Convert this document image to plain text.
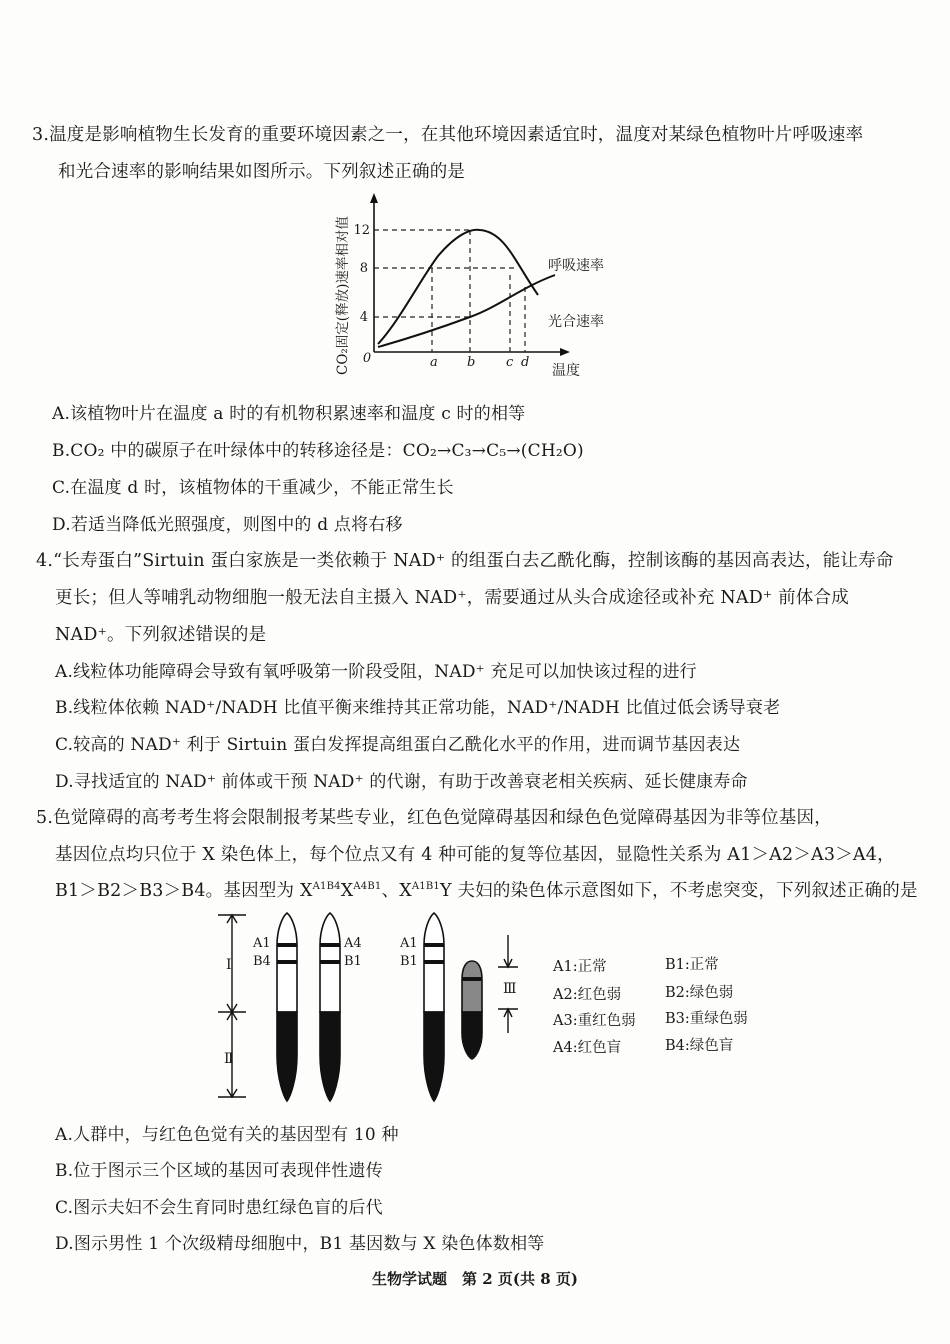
3.温度是影响植物生长发育的重要环境因素之一，在其他环境因素适宜时，温度对某绿色植物叶片呼吸速率
和光合速率的影响结果如图所示。下列叙述正确的是
CO₂固定(释放)速率相对值 0
4
8
12
a b c d
温度
呼吸速率
光合速率
A.该植物叶片在温度 a 时的有机物积累速率和温度 c 时的相等
B.CO₂ 中的碳原子在叶绿体中的转移途径是：CO₂→C₃→C₅→(CH₂O)
C.在温度 d 时，该植物体的干重减少，不能正常生长
D.若适当降低光照强度，则图中的 d 点将右移
4.“长寿蛋白”Sirtuin 蛋白家族是一类依赖于 NAD⁺ 的组蛋白去乙酰化酶，控制该酶的基因高表达，能让寿命
更长；但人等哺乳动物细胞一般无法自主摄入 NAD⁺，需要通过从头合成途径或补充 NAD⁺ 前体合成
NAD⁺。下列叙述错误的是
A.线粒体功能障碍会导致有氧呼吸第一阶段受阻，NAD⁺ 充足可以加快该过程的进行
B.线粒体依赖 NAD⁺/NADH 比值平衡来维持其正常功能，NAD⁺/NADH 比值过低会诱导衰老
C.较高的 NAD⁺ 利于 Sirtuin 蛋白发挥提高组蛋白乙酰化水平的作用，进而调节基因表达
D.寻找适宜的 NAD⁺ 前体或干预 NAD⁺ 的代谢，有助于改善衰老相关疾病、延长健康寿命
5.色觉障碍的高考考生将会限制报考某些专业，红色色觉障碍基因和绿色色觉障碍基因为非等位基因，
基因位点均只位于 X 染色体上，每个位点又有 4 种可能的复等位基因，显隐性关系为 A1＞A2＞A3＞A4，
B1＞B2＞B3＞B4。基因型为 $X^{A1B4}X^{A4B1}$、$X^{A1B1}Y$ 夫妇的染色体示意图如下，不考虑突变，下列叙述正确的是
Ⅰ
Ⅱ
A1
B4
A4
B1
A1
B1
Ⅲ
A1:正常	B1:正常
A2:红色弱	B2:绿色弱
A3:重红色弱 B3:重绿色弱
A4:红色盲	B4:绿色盲
A.人群中，与红色色觉有关的基因型有 10 种
B.位于图示三个区域的基因可表现伴性遗传
C.图示夫妇不会生育同时患红绿色盲的后代
D.图示男性 1 个次级精母细胞中，B1 基因数与 X 染色体数相等
生物学试题　第 2 页(共 8 页)
